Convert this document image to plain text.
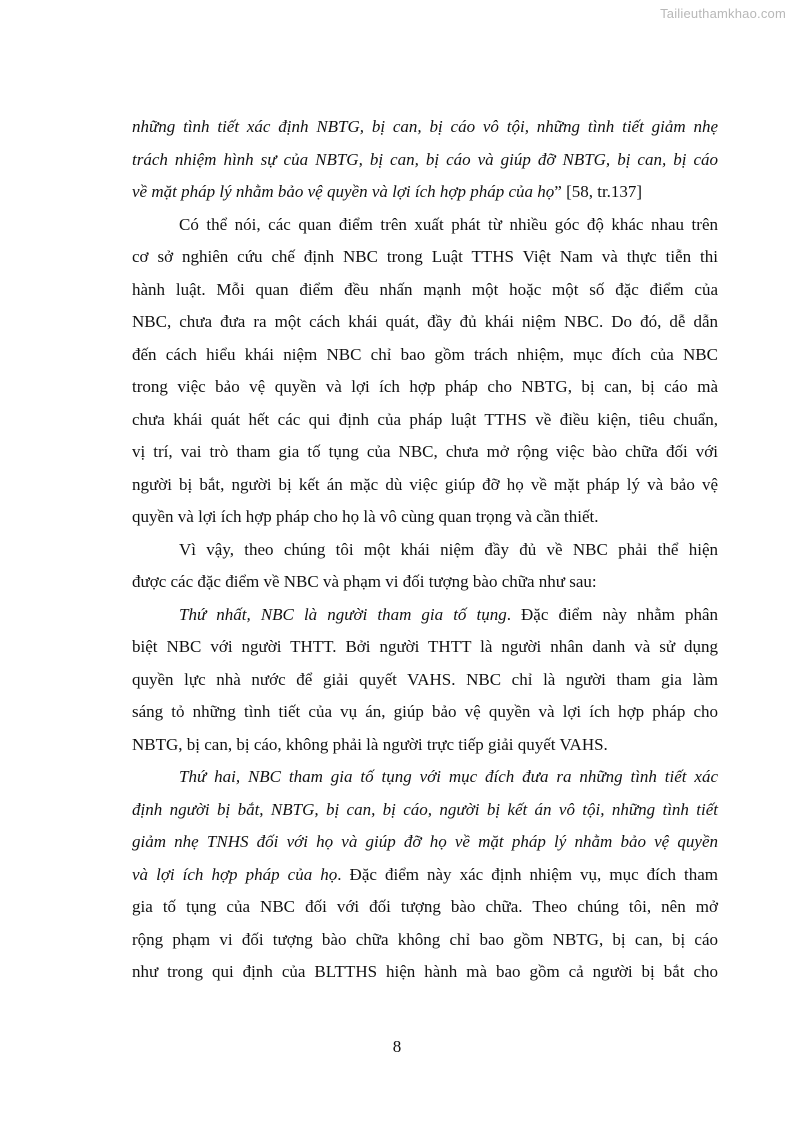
Tailieuthamkhao.com
những tình tiết xác định NBTG, bị can, bị cáo vô tội, những tình tiết giảm nhẹ
trách nhiệm hình sự của NBTG, bị can, bị cáo và giúp đỡ NBTG, bị can, bị cáo
về mặt pháp lý nhằm bảo vệ quyền và lợi ích hợp pháp của họ” [58, tr.137]
Có thể nói, các quan điểm trên xuất phát từ nhiều góc độ khác nhau trên
cơ sở nghiên cứu chế định NBC trong Luật TTHS Việt Nam và thực tiễn thi
hành luật. Mỗi quan điểm đều nhấn mạnh một hoặc một số đặc điểm của
NBC, chưa đưa ra một cách khái quát, đầy đủ khái niệm NBC. Do đó, dễ dẫn
đến cách hiểu khái niệm NBC chỉ bao gồm trách nhiệm, mục đích của NBC
trong việc bảo vệ quyền và lợi ích hợp pháp cho NBTG, bị can, bị cáo mà
chưa khái quát hết các qui định của pháp luật TTHS về điều kiện, tiêu chuẩn,
vị trí, vai trò tham gia tố tụng của NBC, chưa mở rộng việc bào chữa đối với
người bị bắt, người bị kết án mặc dù việc giúp đỡ họ về mặt pháp lý và bảo vệ
quyền và lợi ích hợp pháp cho họ là vô cùng quan trọng và cần thiết.
Vì vậy, theo chúng tôi một khái niệm đầy đủ về NBC phải thể hiện
được các đặc điểm về NBC và phạm vi đối tượng bào chữa như sau:
Thứ nhất, NBC là người tham gia tố tụng. Đặc điểm này nhằm phân
biệt NBC với người THTT. Bởi người THTT là người nhân danh và sử dụng
quyền lực nhà nước để giải quyết VAHS. NBC chỉ là người tham gia làm
sáng tỏ những tình tiết của vụ án, giúp bảo vệ quyền và lợi ích hợp pháp cho
NBTG, bị can, bị cáo, không phải là người trực tiếp giải quyết VAHS.
Thứ hai, NBC tham gia tố tụng với mục đích đưa ra những tình tiết xác
định người bị bắt, NBTG, bị can, bị cáo, người bị kết án vô tội, những tình tiết
giảm nhẹ TNHS đối với họ và giúp đỡ họ về mặt pháp lý nhằm bảo vệ quyền
và lợi ích hợp pháp của họ. Đặc điểm này xác định nhiệm vụ, mục đích tham
gia tố tụng của NBC đối với đối tượng bào chữa. Theo chúng tôi, nên mở
rộng phạm vi đối tượng bào chữa không chỉ bao gồm NBTG, bị can, bị cáo
như trong qui định của BLTTHS hiện hành mà bao gồm cả người bị bắt cho
8
